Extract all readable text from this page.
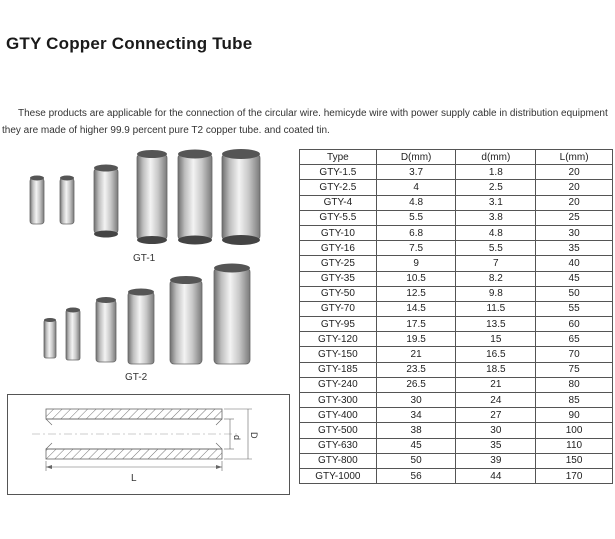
GTY Copper Connecting Tube

These products are applicable for the connection of the circular wire. hemicyde wire with power supply cable in distribution equipment they are made of higher 99.9 percent pure T2 copper tube. and coated tin.

GT-1
GT-2
d D
L
Type	D(mm)	d(mm)	L(mm)
GTY-1.5	3.7	1.8	20
GTY-2.5	4	2.5	20
GTY-4	4.8	3.1	20
GTY-5.5	5.5	3.8	25
GTY-10	6.8	4.8	30
GTY-16	7.5	5.5	35
GTY-25	9	7	40
GTY-35	10.5	8.2	45
GTY-50	12.5	9.8	50
GTY-70	14.5	11.5	55
GTY-95	17.5	13.5	60
GTY-120	19.5	15	65
GTY-150	21	16.5	70
GTY-185	23.5	18.5	75
GTY-240	26.5	21	80
GTY-300	30	24	85
GTY-400	34	27	90
GTY-500	38	30	100
GTY-630	45	35	110
GTY-800	50	39	150
GTY-1000	56	44	170
